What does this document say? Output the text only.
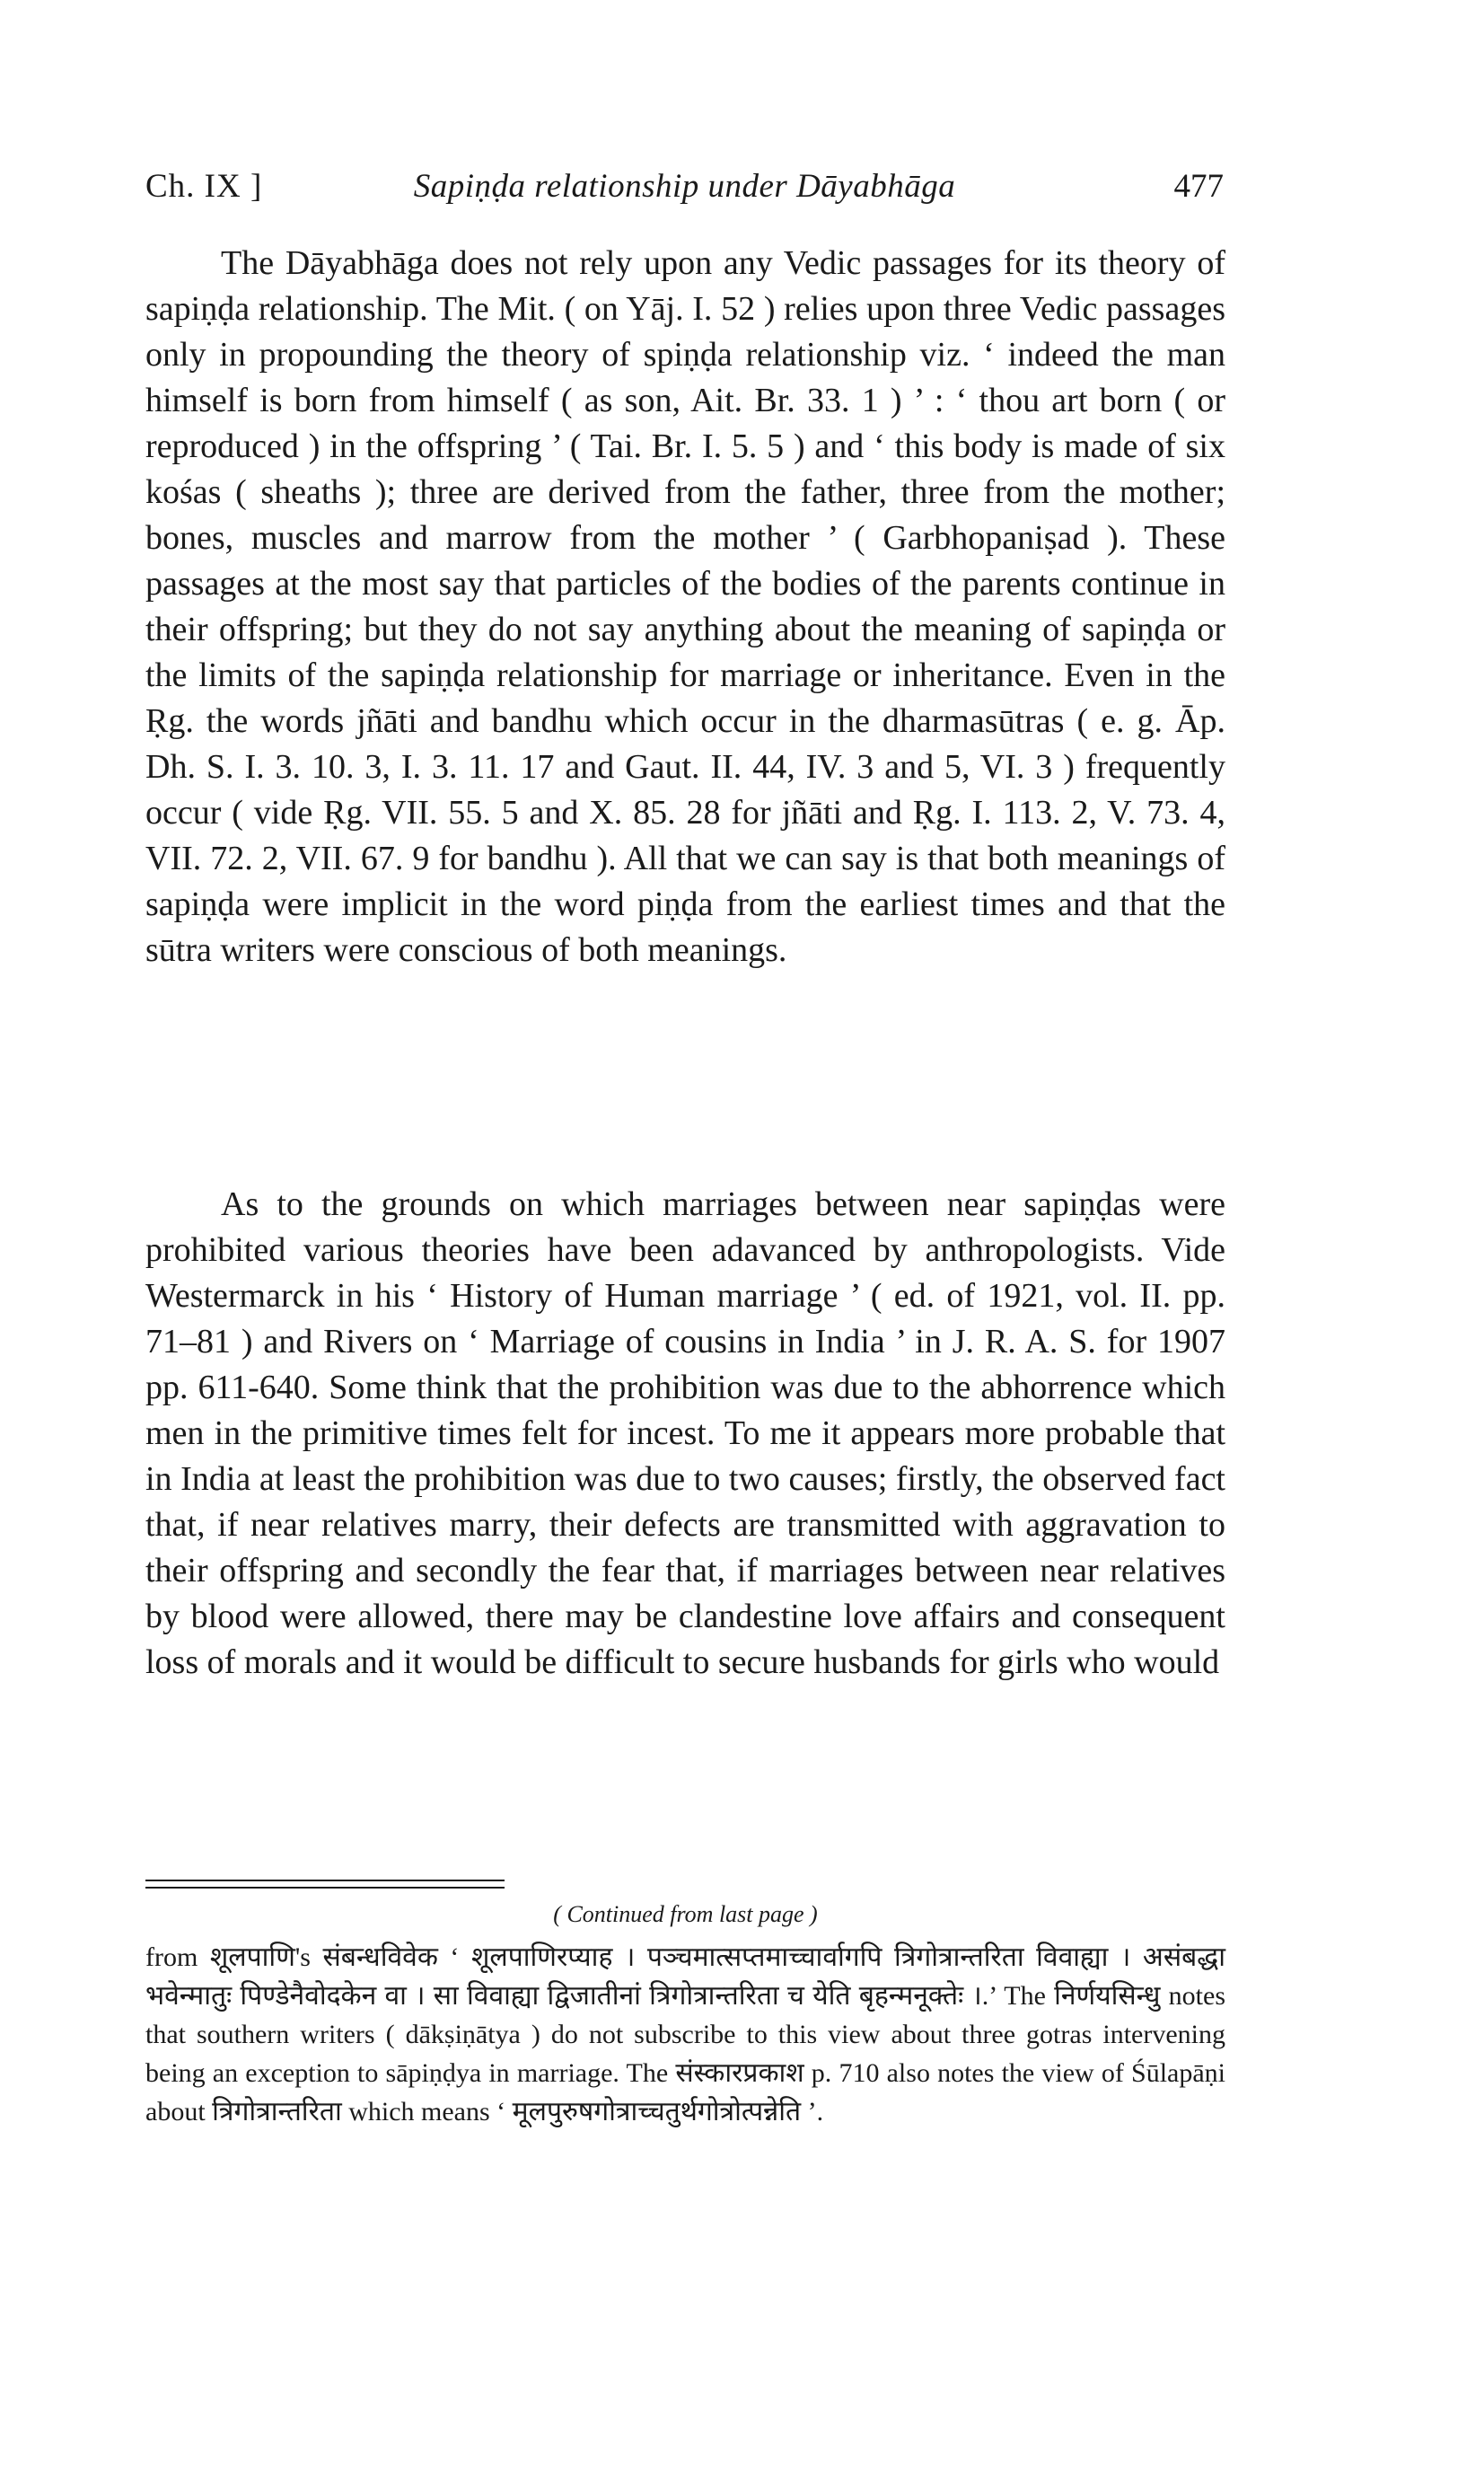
Ch. IX ]	Sapiṇḍa relationship under Dāyabhāga	477

The Dāyabhāga does not rely upon any Vedic passages for its theory of sapiṇḍa relationship. The Mit. ( on Yāj. I. 52 ) relies upon three Vedic passages only in propounding the theory of spiṇḍa relationship viz. ‘ indeed the man himself is born from himself ( as son, Ait. Br. 33. 1 ) ’ : ‘ thou art born ( or reproduced ) in the offspring ’ ( Tai. Br. I. 5. 5 ) and ‘ this body is made of six kośas ( sheaths ); three are derived from the father, three from the mother; bones, muscles and marrow from the mother ’ ( Garbhopaniṣad ). These passages at the most say that particles of the bodies of the parents continue in their offspring; but they do not say anything about the meaning of sapiṇḍa or the limits of the sapiṇḍa relationship for marriage or inheritance. Even in the Ṛg. the words jñāti and bandhu which occur in the dharmasūtras ( e. g. Āp. Dh. S. I. 3. 10. 3, I. 3. 11. 17 and Gaut. II. 44, IV. 3 and 5, VI. 3 ) frequently occur ( vide Ṛg. VII. 55. 5 and X. 85. 28 for jñāti and Ṛg. I. 113. 2, V. 73. 4, VII. 72. 2, VII. 67. 9 for bandhu ). All that we can say is that both meanings of sapiṇḍa were implicit in the word piṇḍa from the earliest times and that the sūtra writers were conscious of both meanings.

As to the grounds on which marriages between near sapiṇḍas were prohibited various theories have been adavanced by anthropologists. Vide Westermarck in his ‘ History of Human marriage ’ ( ed. of 1921, vol. II. pp. 71–81 ) and Rivers on ‘ Marriage of cousins in India ’ in J. R. A. S. for 1907 pp. 611-640. Some think that the prohibition was due to the abhorrence which men in the primitive times felt for incest. To me it appears more probable that in India at least the prohibition was due to two causes; firstly, the observed fact that, if near relatives marry, their defects are transmitted with aggravation to their offspring and secondly the fear that, if marriages between near relatives by blood were allowed, there may be clandestine love affairs and consequent loss of morals and it would be difficult to secure husbands for girls who would

( Continued from last page )

from शूलपाणि's संबन्धविवेक ‘ शूलपाणिरप्याह । पञ्चमात्सप्तमाच्चार्वागपि त्रिगोत्रान्तरिता विवाह्या । असंबद्धा भवेन्मातुः पिण्डेनैवोदकेन वा । सा विवाह्या द्विजातीनां त्रिगोत्रान्तरिता च येति बृहन्मनूक्तेः ।.’ The निर्णयसिन्धु notes that southern writers ( dākṣiṇātya ) do not subscribe to this view about three gotras intervening being an exception to sāpiṇḍya in marriage. The संस्कारप्रकाश p. 710 also notes the view of Śūlapāṇi about त्रिगोत्रान्तरिता which means ‘ मूलपुरुषगोत्राच्चतुर्थगोत्रोत्पन्नेति ’.
